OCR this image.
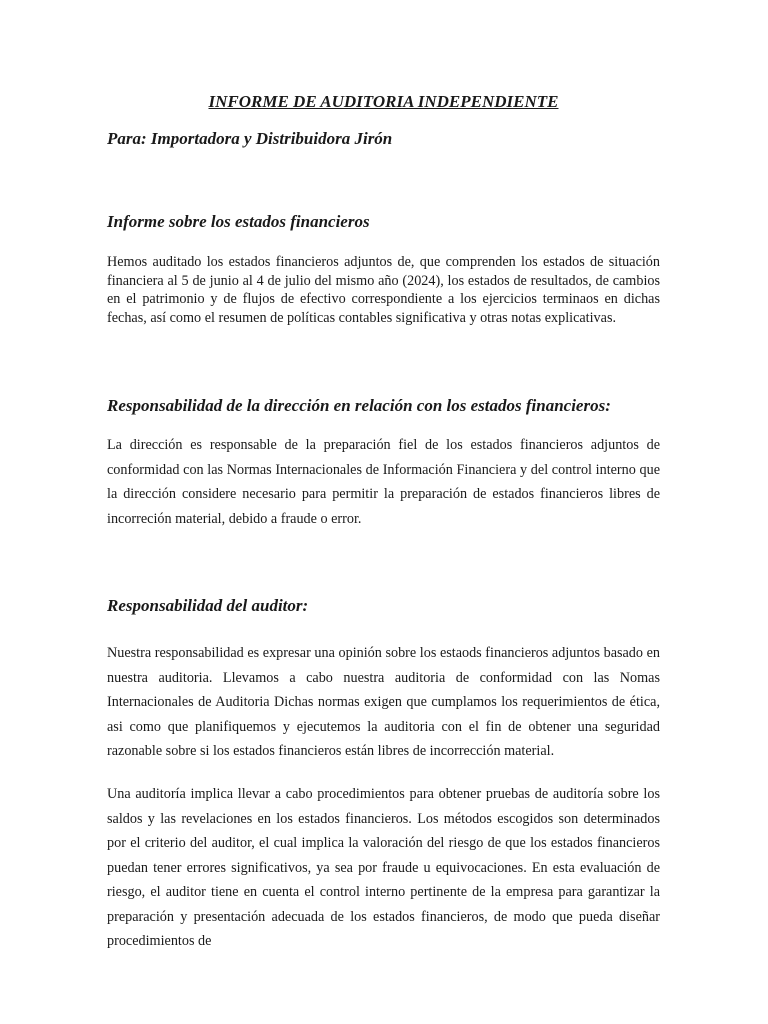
INFORME DE AUDITORIA INDEPENDIENTE
Para: Importadora y Distribuidora Jirón
Informe sobre los estados financieros

Hemos auditado los estados financieros adjuntos de, que comprenden los estados de situación financiera al 5 de junio al 4 de julio del mismo año (2024), los estados de resultados, de cambios en el patrimonio y de flujos de efectivo correspondiente a los ejercicios terminaos en dichas fechas, así como el resumen de políticas contables significativa y otras notas explicativas.

Responsabilidad de la dirección en relación con los estados financieros:

La dirección es responsable de la preparación fiel de los estados financieros adjuntos de conformidad con las Normas Internacionales de Información Financiera y del control interno que la dirección considere necesario para permitir la preparación de estados financieros libres de incorreción material, debido a fraude o error.

Responsabilidad del auditor:

Nuestra responsabilidad es expresar una opinión sobre los estaods financieros adjuntos basado en nuestra auditoria. Llevamos a cabo nuestra auditoria de conformidad con las Nomas Internacionales de Auditoria Dichas normas exigen que cumplamos los requerimientos de ética, asi como que planifiquemos y ejecutemos la auditoria con el fin de obtener una seguridad razonable sobre si los estados financieros están libres de incorrección material.

Una auditoría implica llevar a cabo procedimientos para obtener pruebas de auditoría sobre los saldos y las revelaciones en los estados financieros. Los métodos escogidos son determinados por el criterio del auditor, el cual implica la valoración del riesgo de que los estados financieros puedan tener errores significativos, ya sea por fraude u equivocaciones. En esta evaluación de riesgo, el auditor tiene en cuenta el control interno pertinente de la empresa para garantizar la preparación y presentación adecuada de los estados financieros, de modo que pueda diseñar procedimientos de
